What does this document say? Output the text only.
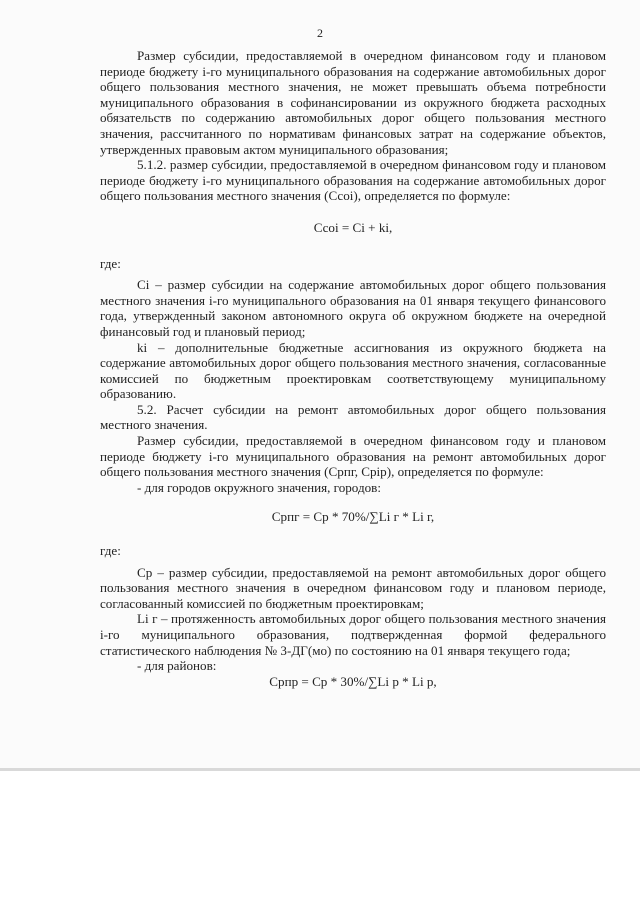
2

Размер субсидии, предоставляемой в очередном финансовом году и плановом периоде бюджету i-го муниципального образования на содержание автомобильных дорог общего пользования местного значения, не может превышать объема потребности муниципального образования в софинансировании из окружного бюджета расходных обязательств по содержанию автомобильных дорог общего пользования местного значения, рассчитанного по нормативам финансовых затрат на содержание объектов, утвержденных правовым актом муниципального образования;

5.1.2. размер субсидии, предоставляемой в очередном финансовом году и плановом периоде бюджету i-го муниципального образования на содержание автомобильных дорог общего пользования местного значения (Ссоi), определяется по формуле:

Ссоi = Сi + ki,

где:

Сi – размер субсидии на содержание автомобильных дорог общего пользования местного значения i-го муниципального образования на 01 января текущего финансового года, утвержденный законом автономного округа об окружном бюджете на очередной финансовый год и плановый период;

ki – дополнительные бюджетные ассигнования из окружного бюджета на содержание автомобильных дорог общего пользования местного значения, согласованные комиссией по бюджетным проектировкам соответствующему муниципальному образованию.

5.2. Расчет субсидии на ремонт автомобильных дорог общего пользования местного значения.

Размер субсидии, предоставляемой в очередном финансовом году и плановом периоде бюджету i-го муниципального образования на ремонт автомобильных дорог общего пользования местного значения (Српг, Сpip), определяется по формуле:

- для городов окружного значения, городов:

Српг = Ср * 70%/∑Li г * Li г,

где:

Ср – размер субсидии, предоставляемой на ремонт автомобильных дорог общего пользования местного значения в очередном финансовом году и плановом периоде, согласованный комиссией по бюджетным проектировкам;

Li г – протяженность автомобильных дорог общего пользования местного значения i-го муниципального образования, подтвержденная формой федерального статистического наблюдения № 3-ДГ(мо) по состоянию на 01 января текущего года;

- для районов:

Српр = Ср * 30%/∑Li р * Li р,
